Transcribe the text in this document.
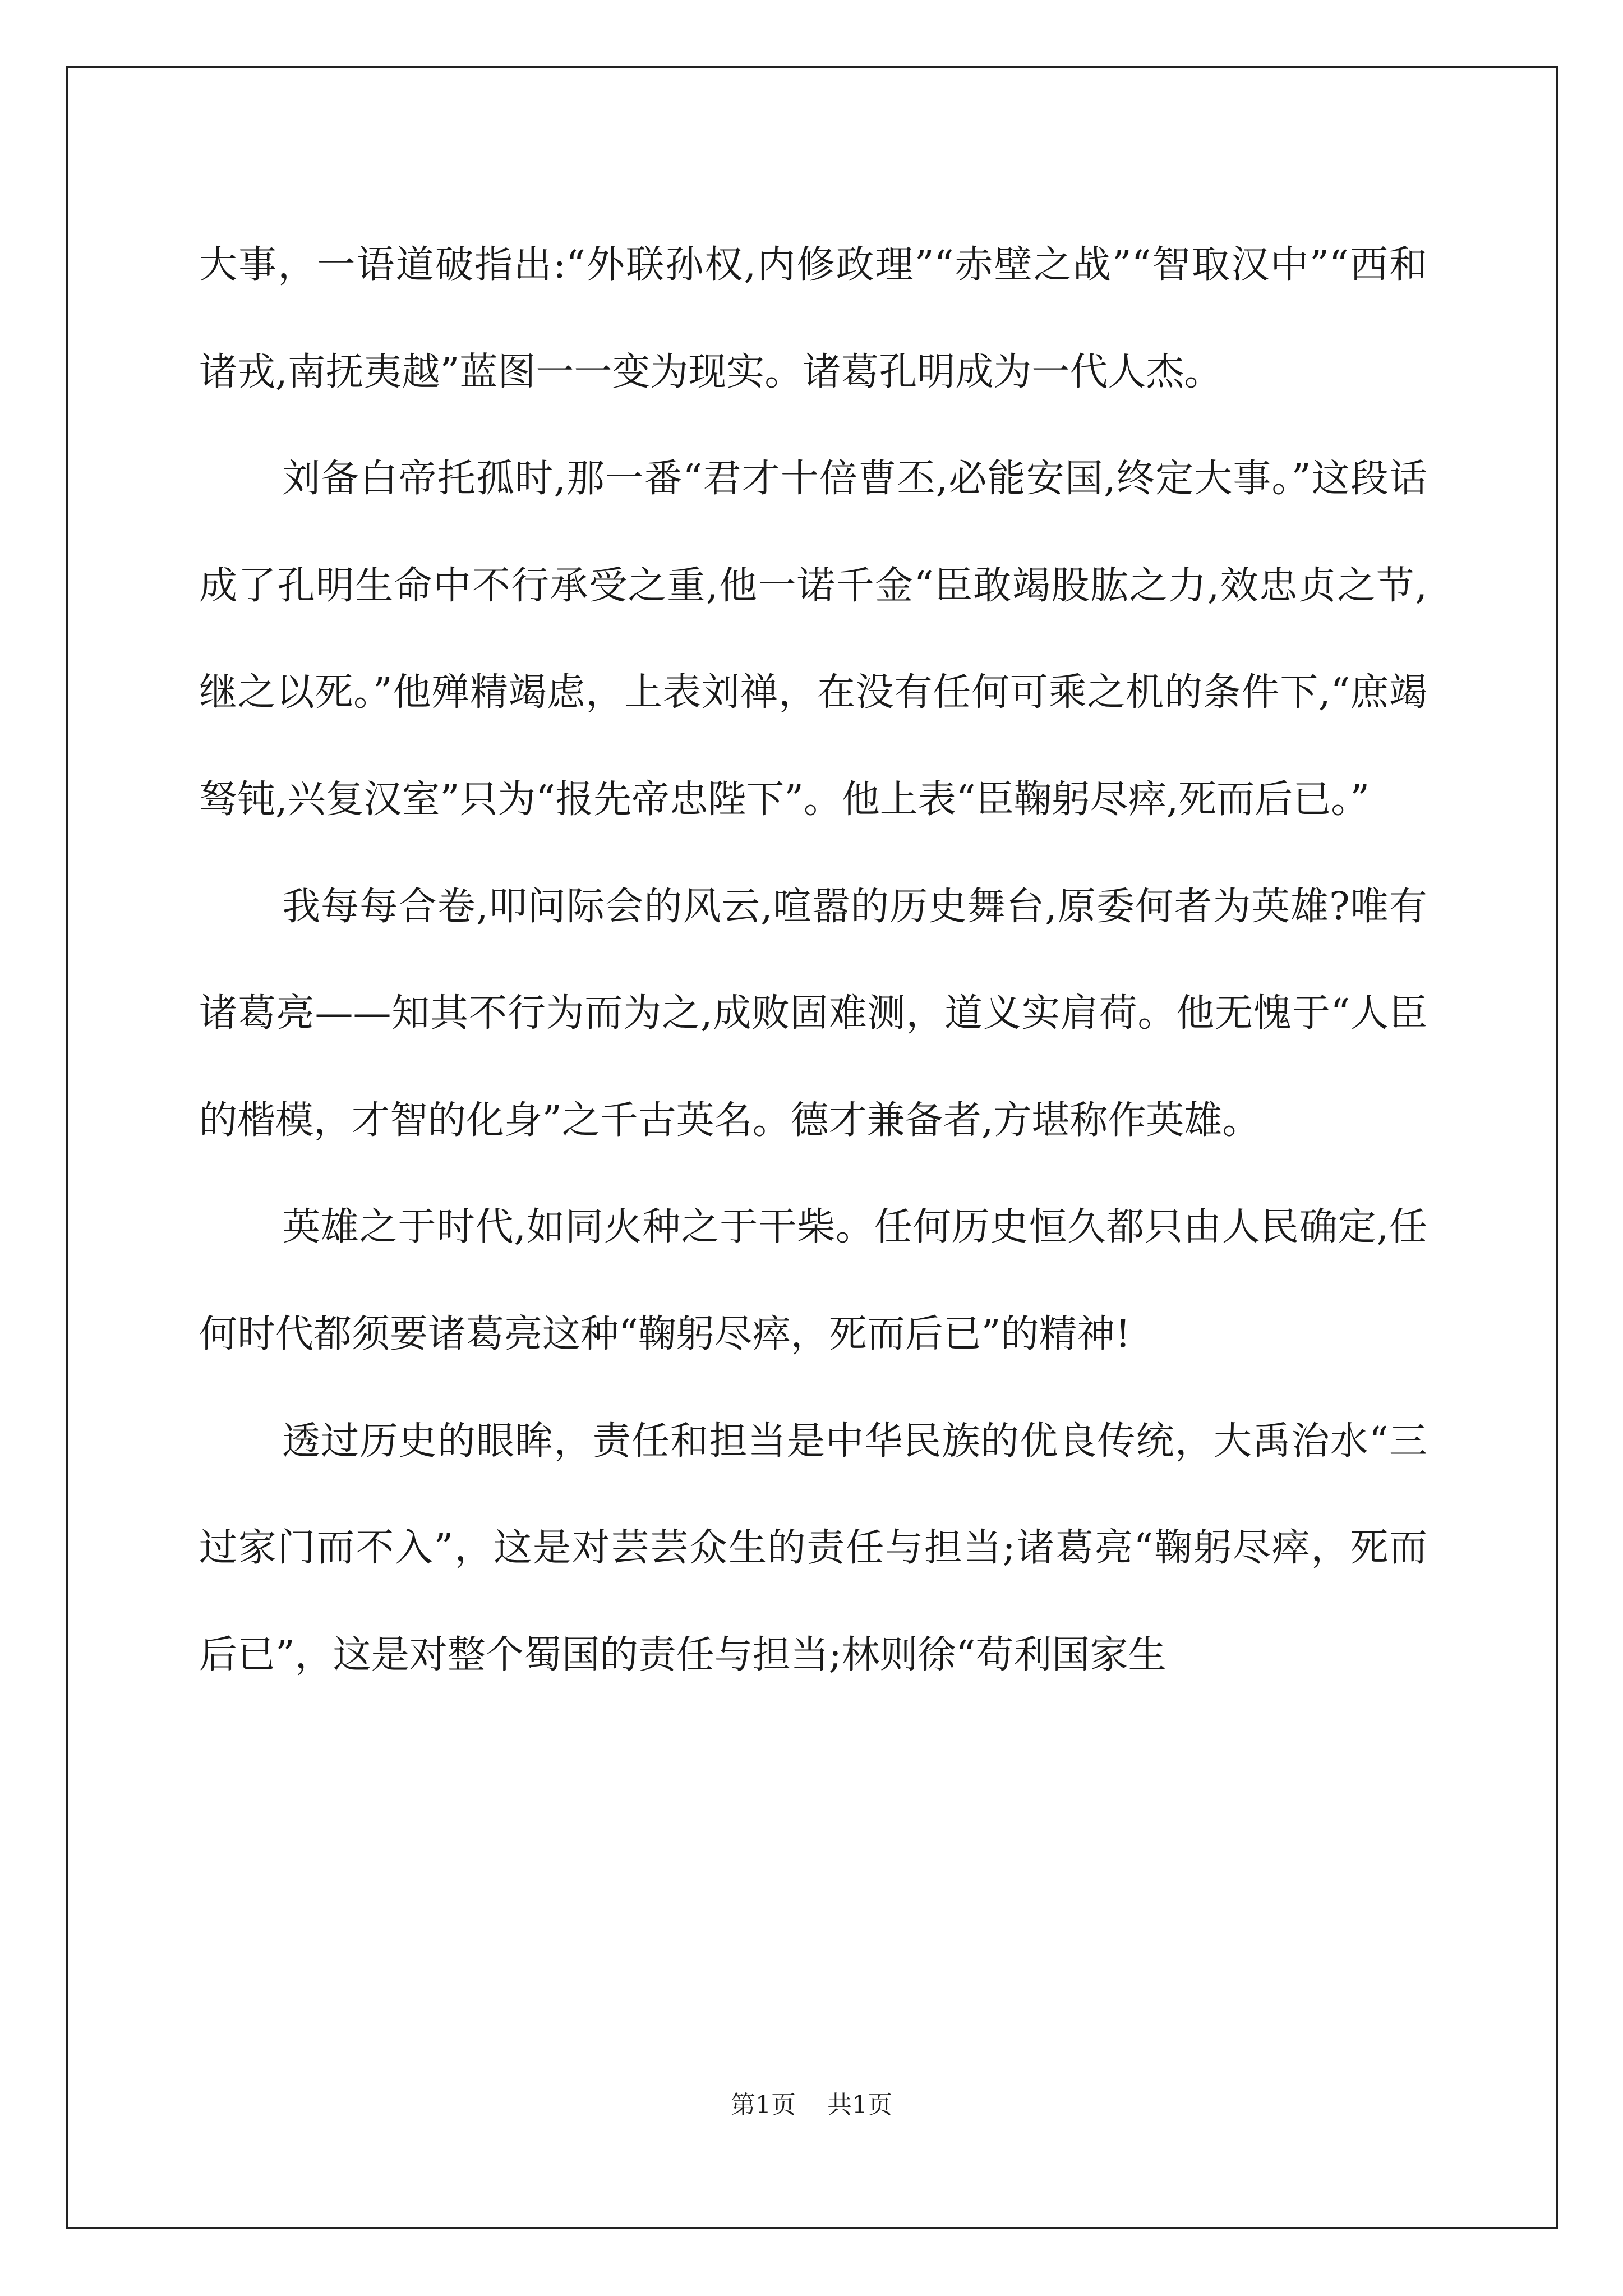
大事，一语道破指出:“外联孙权,内修政理”“赤壁之战”“智取汉中”“西和诸戎,南抚夷越”蓝图一一变为现实。诸葛孔明成为一代人杰。

刘备白帝托孤时,那一番“君才十倍曹丕,必能安国,终定大事。”这段话成了孔明生命中不行承受之重,他一诺千金“臣敢竭股肱之力,效忠贞之节,继之以死。”他殚精竭虑，上表刘禅，在没有任何可乘之机的条件下,“庶竭驽钝,兴复汉室”只为“报先帝忠陛下”。他上表“臣鞠躬尽瘁,死而后已。”

我每每合卷,叩问际会的风云,喧嚣的历史舞台,原委何者为英雄?唯有诸葛亮——知其不行为而为之,成败固难测，道义实肩荷。他无愧于“人臣的楷模，才智的化身”之千古英名。德才兼备者,方堪称作英雄。

英雄之于时代,如同火种之于干柴。任何历史恒久都只由人民确定,任何时代都须要诸葛亮这种“鞠躬尽瘁，死而后已”的精神!

透过历史的眼眸，责任和担当是中华民族的优良传统，大禹治水“三过家门而不入”，这是对芸芸众生的责任与担当;诸葛亮“鞠躬尽瘁，死而后已”，这是对整个蜀国的责任与担当;林则徐“苟利国家生

第1页 共1页
